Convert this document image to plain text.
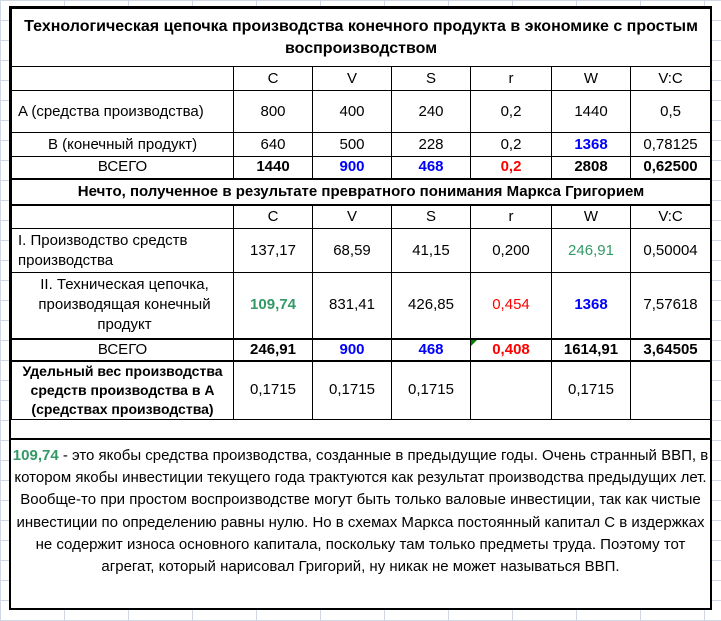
Технологическая цепочка производства конечного продукта в экономике с простым воспроизводством						
	C	V	S	r	W	V:C
A (средства производства)	800	400	240	0,2	1440	0,5
B (конечный продукт)	640	500	228	0,2	1368	0,78125
ВСЕГО	1440	900	468	0,2	2808	0,62500
Нечто, полученное в результате превратного понимания Маркса Григорием						
	C	V	S	r	W	V:C
I. Производство средств производства	137,17	68,59	41,15	0,200	246,91	0,50004
II. Техническая цепочка, производящая конечный продукт	109,74	831,41	426,85	0,454	1368	7,57618
ВСЕГО	246,91	900	468	0,408	1614,91	3,64505
Удельный вес производства средств производства в A (средствах производства)	0,1715	0,1715	0,1715		0,1715	
109,74 - это якобы средства производства, созданные в предыдущие годы. Очень странный ВВП, в котором якобы инвестиции текущего года трактуются как результат производства предыдущих лет. Вообще-то при простом воспроизводстве могут быть только валовые инвестиции, так как чистые инвестиции по определению равны нулю. Но в схемах Маркса постоянный капитал C в издержках не содержит износа основного капитала, поскольку там только предметы труда. Поэтому тот агрегат, который нарисовал Григорий, ну никак не может называться ВВП.
